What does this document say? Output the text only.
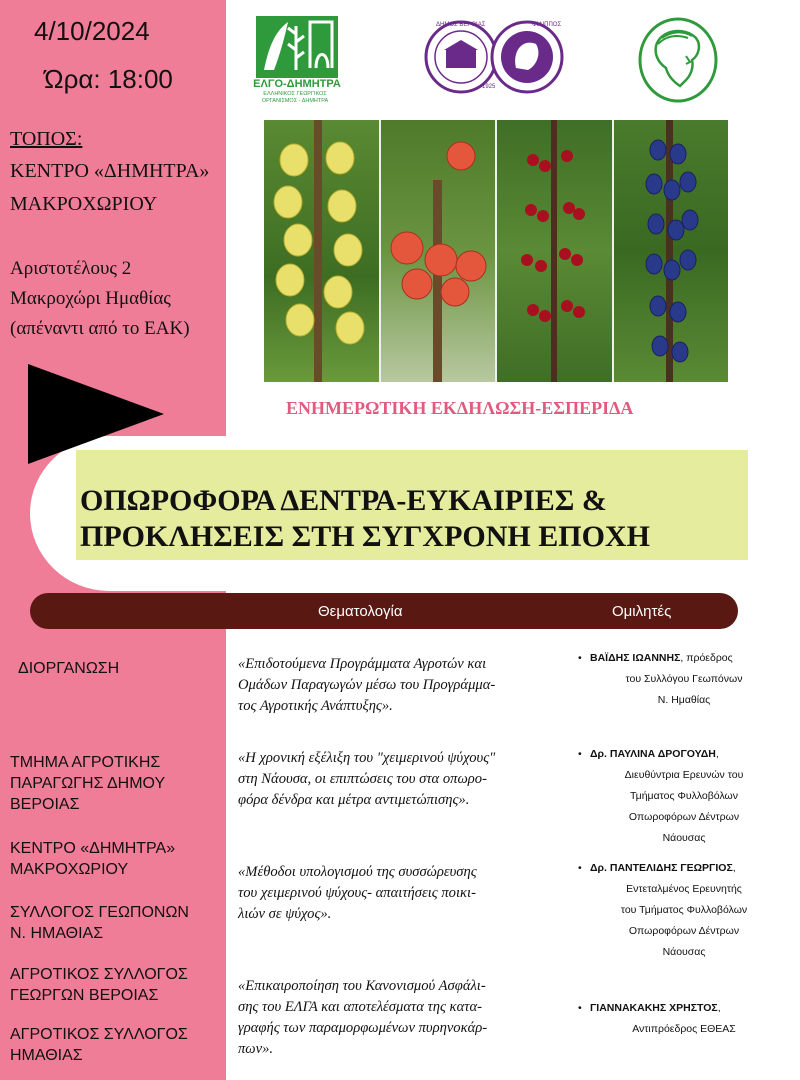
4/10/2024
Ώρα: 18:00
ΤΟΠΟΣ:
ΚΕΝΤΡΟ «ΔΗΜΗΤΡΑ»
ΜΑΚΡΟΧΩΡΙΟΥ
Αριστοτέλους 2
Μακροχώρι Ημαθίας
(απέναντι από το ΕΑΚ)
ΔΙΟΡΓΑΝΩΣΗ
ΤΜΗΜΑ ΑΓΡΟΤΙΚΗΣ
ΠΑΡΑΓΩΓΗΣ ΔΗΜΟΥ
ΒΕΡΟΙΑΣ
ΚΕΝΤΡΟ «ΔΗΜΗΤΡΑ»
ΜΑΚΡΟΧΩΡΙΟΥ
ΣΥΛΛΟΓΟΣ ΓΕΩΠΟΝΩΝ
Ν. ΗΜΑΘΙΑΣ
ΑΓΡΟΤΙΚΟΣ ΣΥΛΛΟΓΟΣ
ΓΕΩΡΓΩΝ ΒΕΡΟΙΑΣ
ΑΓΡΟΤΙΚΟΣ ΣΥΛΛΟΓΟΣ
ΗΜΑΘΙΑΣ
ΕΛΓΟ-ΔΗΜΗΤΡΑ
ΕΛΛΗΝΙΚΟΣ ΓΕΩΡΓΙΚΟΣ
ΟΡΓΑΝΙΣΜΟΣ - ΔΗΜΗΤΡΑ
ΔΗΜΟΣ ΒΕΡΟΙΑΣ	ΦΙΛΙΠΠΟΣ
1925
ΕΝΗΜΕΡΩΤΙΚΗ ΕΚΔΗΛΩΣΗ-ΕΣΠΕΡΙΔΑ
ΟΠΩΡΟΦΟΡΑ ΔΕΝΤΡΑ-ΕΥΚΑΙΡΙΕΣ &
ΠΡΟΚΛΗΣΕΙΣ ΣΤΗ ΣΥΓΧΡΟΝΗ ΕΠΟΧΗ
Θεματολογία	Ομιλητές
«Επιδοτούμενα Προγράμματα Αγροτών και
Ομάδων Παραγωγών μέσω του Προγράμμα-
τος Αγροτικής Ανάπτυξης».
«Η χρονική εξέλιξη του "χειμερινού ψύχους"
στη Νάουσα, οι επιπτώσεις του στα οπωρο-
φόρα δένδρα και μέτρα αντιμετώπισης».
«Μέθοδοι υπολογισμού της συσσώρευσης
του χειμερινού ψύχους- απαιτήσεις ποικι-
λιών σε ψύχος».
«Επικαιροποίηση του Κανονισμού Ασφάλι-
σης του ΕΛΓΑ και αποτελέσματα της κατα-
γραφής των παραμορφωμένων πυρηνοκάρ-
πων».
• ΒΑΪΔΗΣ ΙΩΑΝΝΗΣ, πρόεδρος
του Συλλόγου Γεωπόνων
Ν. Ημαθίας
• Δρ. ΠΑΥΛΙΝΑ ΔΡΟΓΟΥΔΗ,
Διευθύντρια Ερευνών του
Τμήματος Φυλλοβόλων
Οπωροφόρων Δέντρων
Νάουσας
• Δρ. ΠΑΝΤΕΛΙΔΗΣ ΓΕΩΡΓΙΟΣ,
Εντεταλμένος Ερευνητής
του Τμήματος Φυλλοβόλων
Οπωροφόρων Δέντρων
Νάουσας
• ΓΙΑΝΝΑΚΑΚΗΣ ΧΡΗΣΤΟΣ,
Αντιπρόεδρος ΕΘΕΑΣ
